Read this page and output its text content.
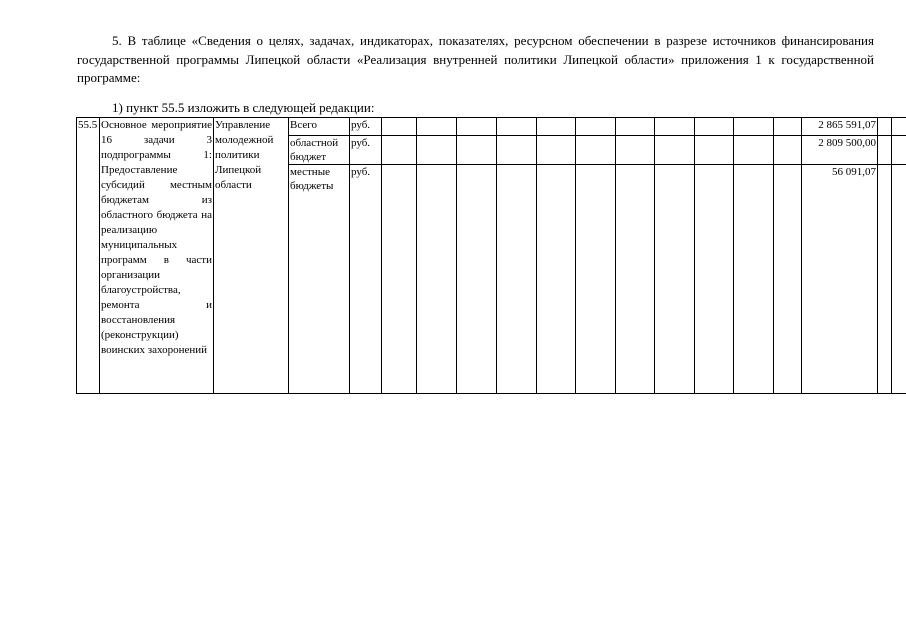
5. В таблице «Сведения о целях, задачах, индикаторах, показателях, ресурсном обеспечении в разрезе источников финансирования государственной программы Липецкой области «Реализация внутренней политики Липецкой области» приложения 1 к государственной программе:

1) пункт 55.5 изложить в следующей редакции:

55.5	Основное мероприятие 16 задачи 3 подпрограммы 1: Предоставление субсидий местным бюджетам из областного бюджета на реализацию муниципальных программ в части организации благоустройства, ремонта и восстановления (реконструкции) воинских захоронений	Управление молодежной политики Липецкой области	Всего	руб.												2 865 591,07		
			областной бюджет	руб.												2 809 500,00		
			местные бюджеты	руб.												56 091,07		
